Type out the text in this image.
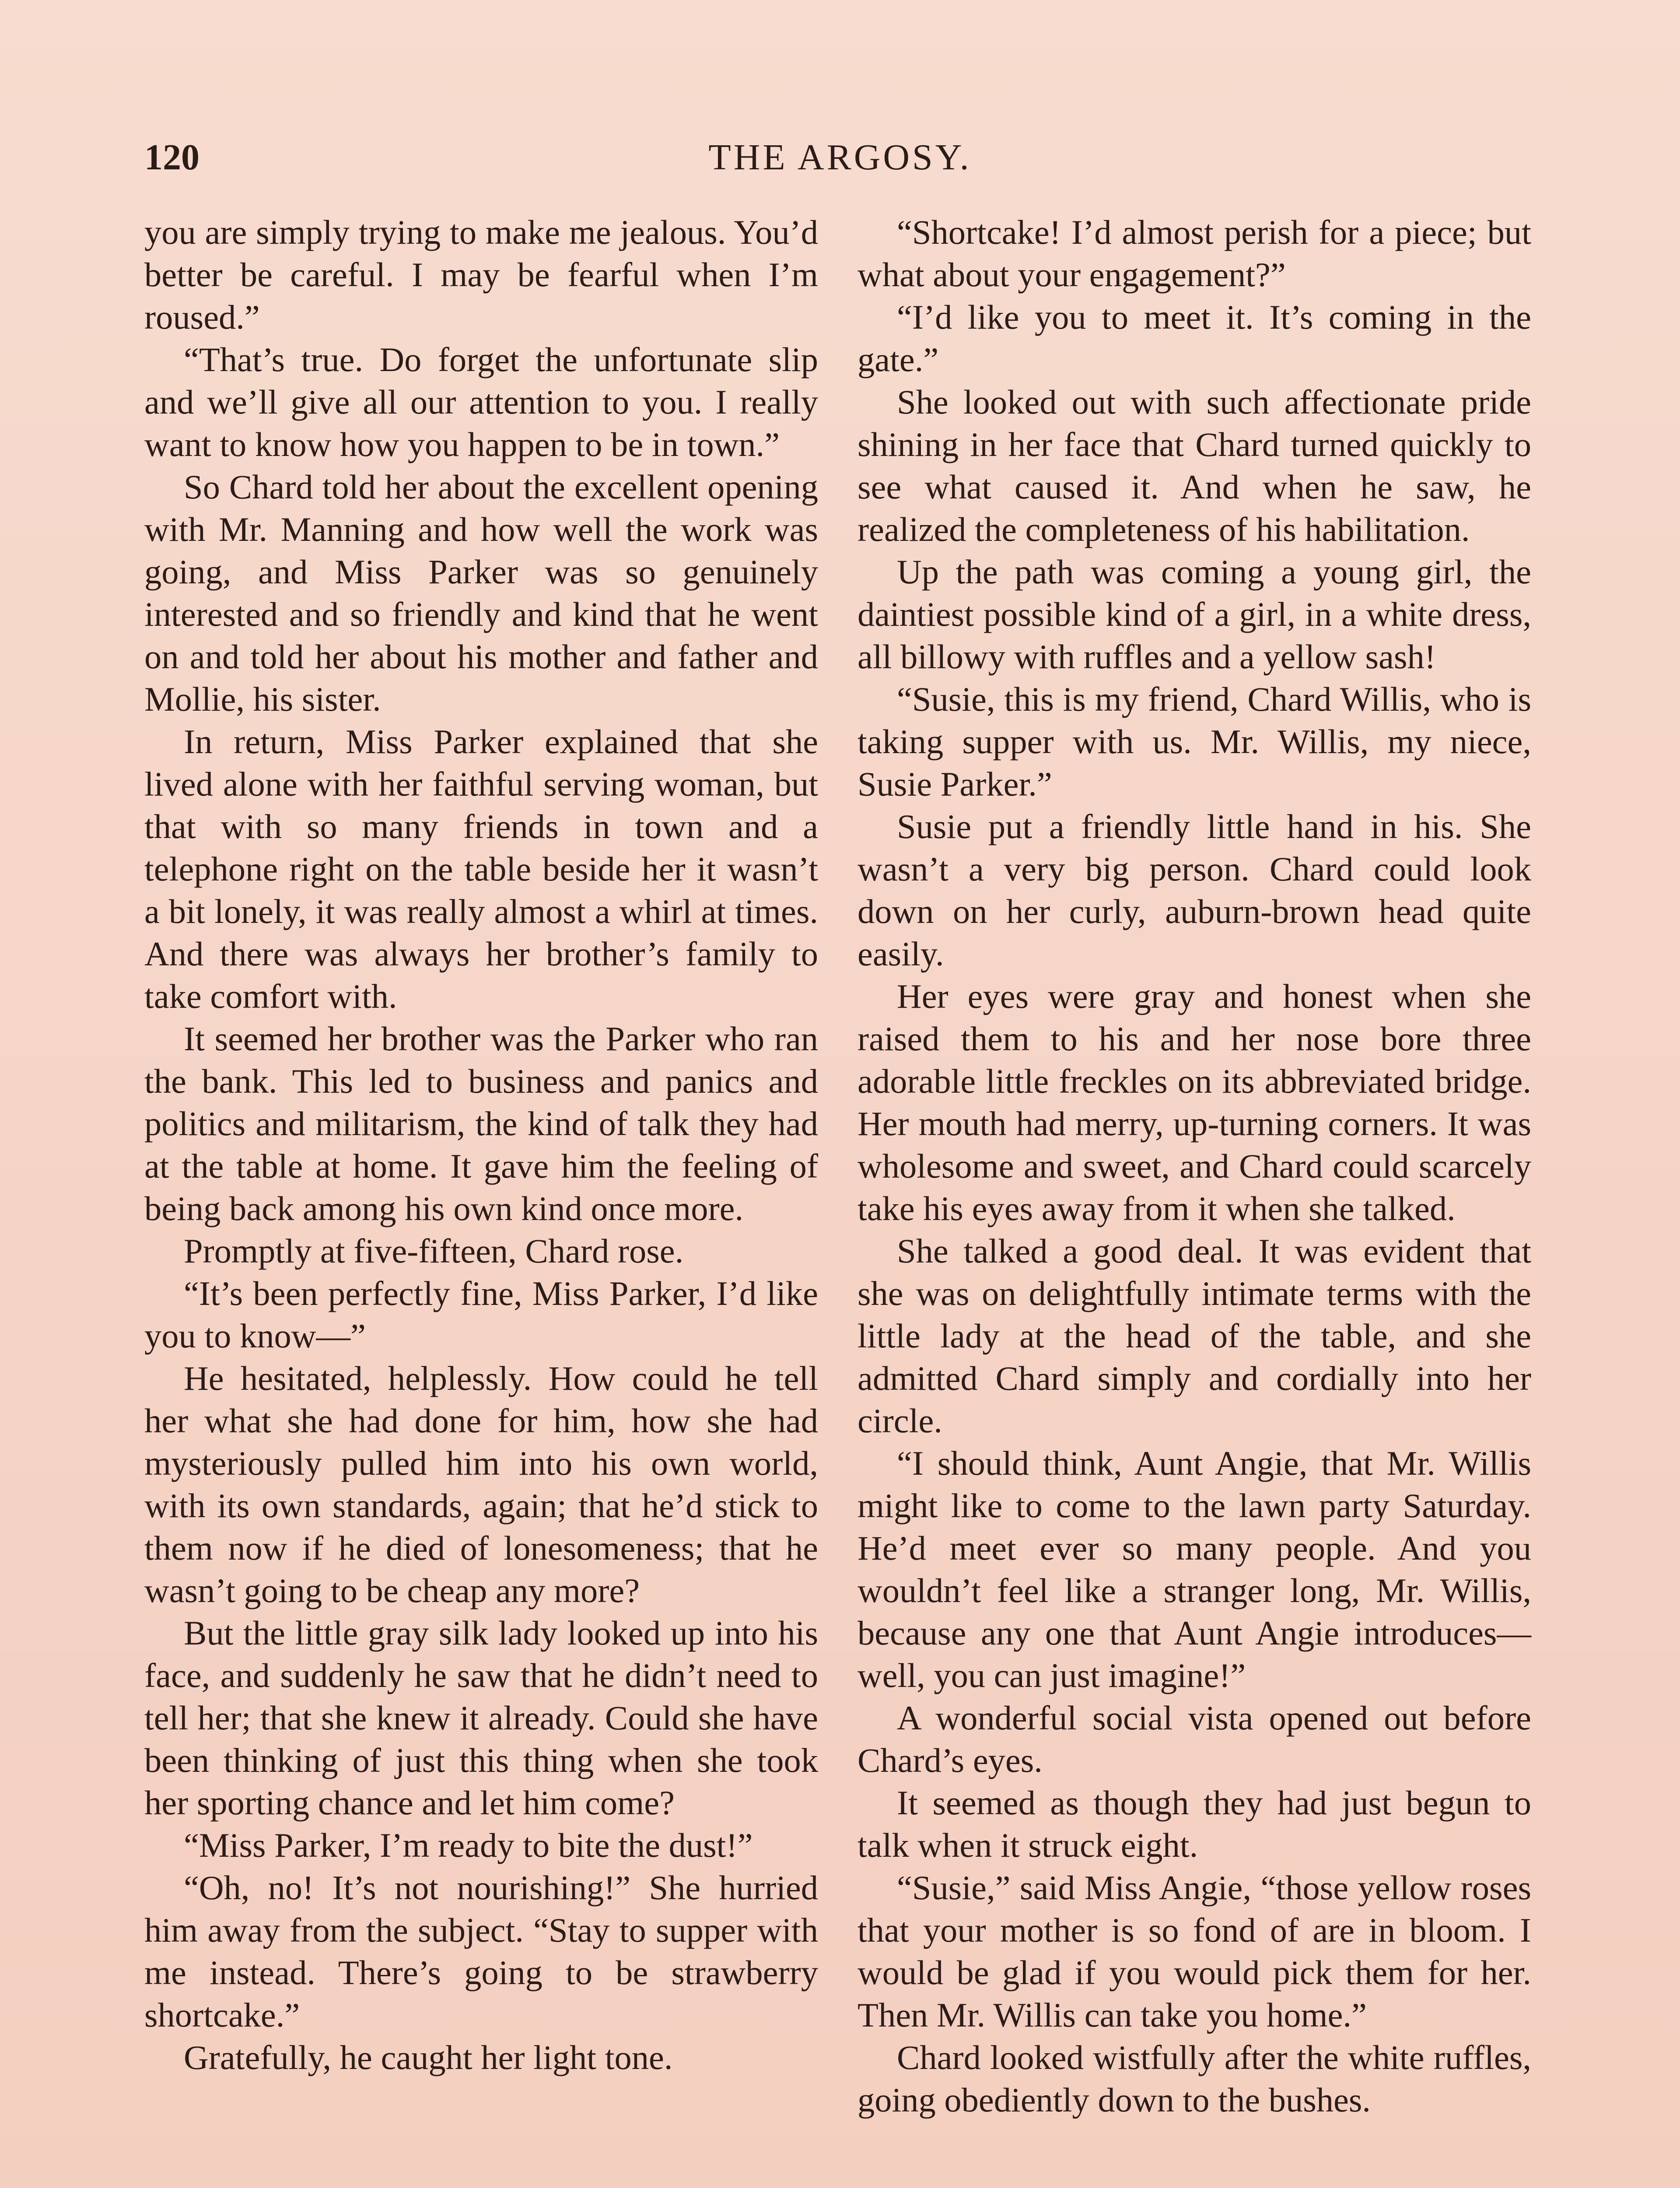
120	THE ARGOSY.

you are simply trying to make me jealous. You’d better be careful. I may be fearful when I’m roused.”

“That’s true. Do forget the unfortunate slip and we’ll give all our attention to you. I really want to know how you happen to be in town.”

So Chard told her about the excellent opening with Mr. Manning and how well the work was going, and Miss Parker was so genuinely interested and so friendly and kind that he went on and told her about his mother and father and Mollie, his sister.

In return, Miss Parker explained that she lived alone with her faithful serving woman, but that with so many friends in town and a telephone right on the table beside her it wasn’t a bit lonely, it was really almost a whirl at times. And there was always her brother’s family to take comfort with.

It seemed her brother was the Parker who ran the bank. This led to business and panics and politics and militarism, the kind of talk they had at the table at home. It gave him the feeling of being back among his own kind once more.

Promptly at five-fifteen, Chard rose.

“It’s been perfectly fine, Miss Parker, I’d like you to know—”

He hesitated, helplessly. How could he tell her what she had done for him, how she had mysteriously pulled him into his own world, with its own standards, again; that he’d stick to them now if he died of lonesomeness; that he wasn’t going to be cheap any more?

But the little gray silk lady looked up into his face, and suddenly he saw that he didn’t need to tell her; that she knew it already. Could she have been thinking of just this thing when she took her sporting chance and let him come?

“Miss Parker, I’m ready to bite the dust!”

“Oh, no! It’s not nourishing!” She hurried him away from the subject. “Stay to supper with me instead. There’s going to be strawberry shortcake.”

Gratefully, he caught her light tone.

“Shortcake! I’d almost perish for a piece; but what about your engagement?”

“I’d like you to meet it. It’s coming in the gate.”

She looked out with such affectionate pride shining in her face that Chard turned quickly to see what caused it. And when he saw, he realized the completeness of his habilitation.

Up the path was coming a young girl, the daintiest possible kind of a girl, in a white dress, all billowy with ruffles and a yellow sash!

“Susie, this is my friend, Chard Willis, who is taking supper with us. Mr. Willis, my niece, Susie Parker.”

Susie put a friendly little hand in his. She wasn’t a very big person. Chard could look down on her curly, auburn-brown head quite easily.

Her eyes were gray and honest when she raised them to his and her nose bore three adorable little freckles on its abbreviated bridge. Her mouth had merry, up-turning corners. It was wholesome and sweet, and Chard could scarcely take his eyes away from it when she talked.

She talked a good deal. It was evident that she was on delightfully intimate terms with the little lady at the head of the table, and she admitted Chard simply and cordially into her circle.

“I should think, Aunt Angie, that Mr. Willis might like to come to the lawn party Saturday. He’d meet ever so many people. And you wouldn’t feel like a stranger long, Mr. Willis, because any one that Aunt Angie introduces—well, you can just imagine!”

A wonderful social vista opened out before Chard’s eyes.

It seemed as though they had just begun to talk when it struck eight.

“Susie,” said Miss Angie, “those yellow roses that your mother is so fond of are in bloom. I would be glad if you would pick them for her. Then Mr. Willis can take you home.”

Chard looked wistfully after the white ruffles, going obediently down to the bushes.
